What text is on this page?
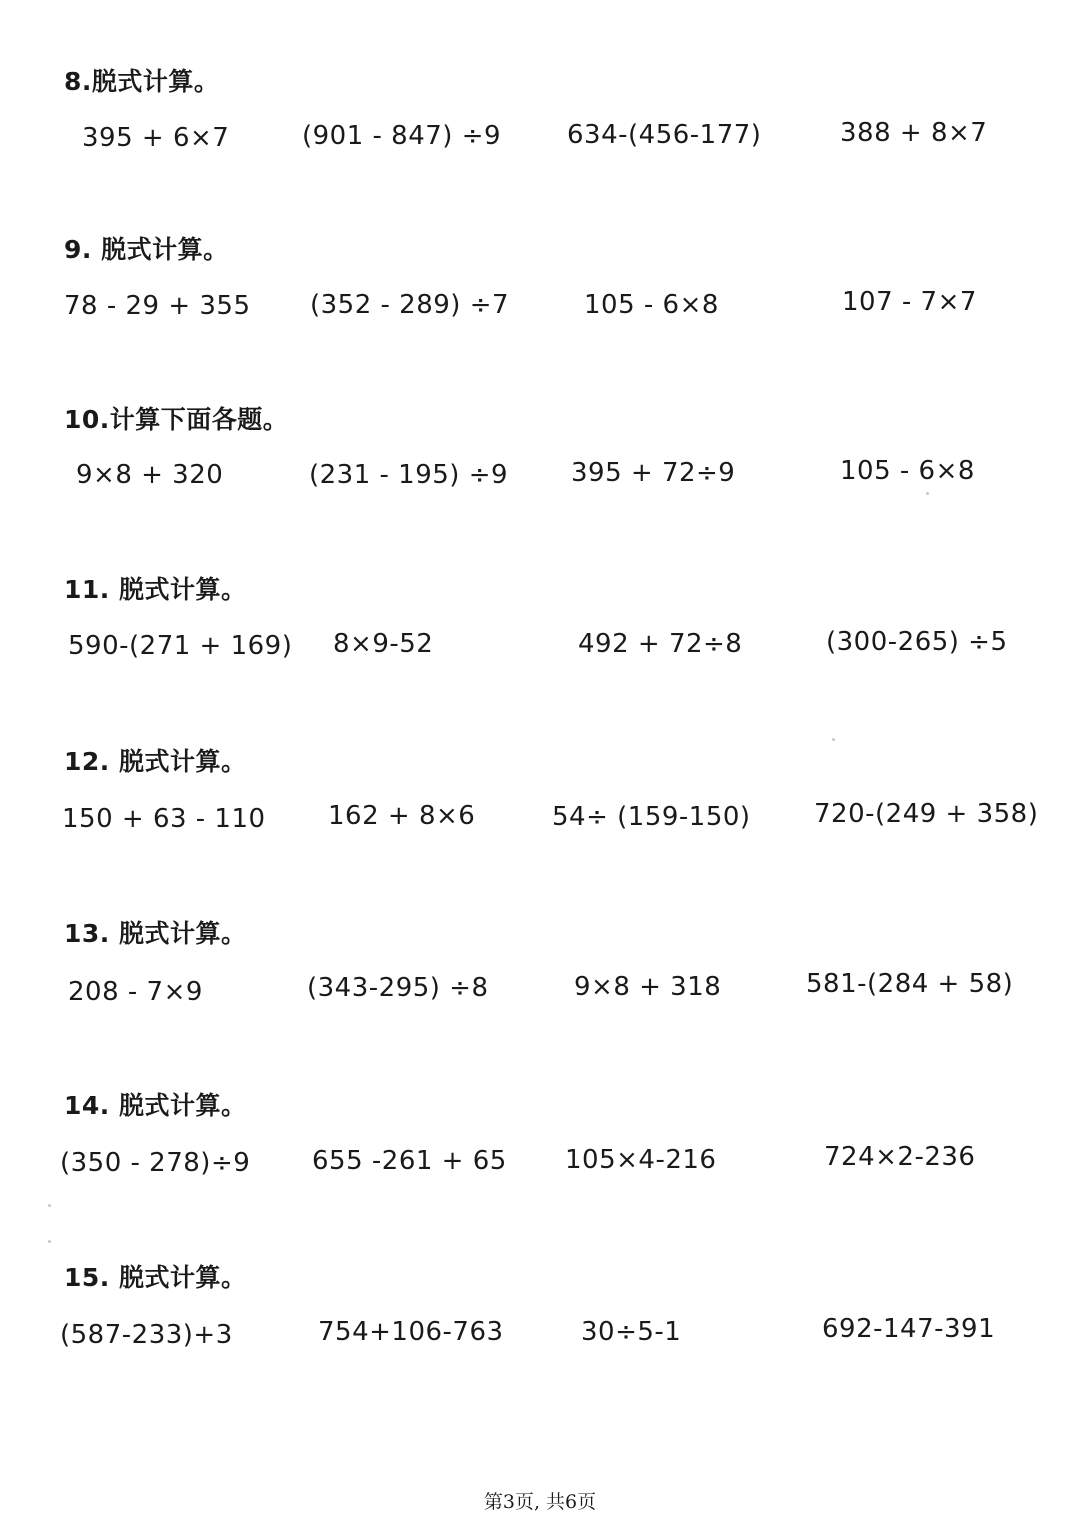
8.脱式计算。
395 + 6×7	(901 - 847) ÷9	634-(456-177)	388 + 8×7
9. 脱式计算。
78 - 29 + 355 (352 - 289) ÷7	105 - 6×8	107 - 7×7
10.计算下面各题。
9×8 + 320	(231 - 195) ÷9 395 + 72÷9	105 - 6×8
11. 脱式计算。
590-(271 + 169) 8×9-52	492 + 72÷8	(300-265) ÷5
12. 脱式计算。
150 + 63 - 110 162 + 8×6	54÷ (159-150) 720-(249 + 358)
13. 脱式计算。
208 - 7×9	(343-295) ÷8	9×8 + 318	581-(284 + 58)
14. 脱式计算。
(350 - 278)÷9 655 -261 + 65 105×4-216	724×2-236
15. 脱式计算。
(587-233)+3	754+106-763	30÷5-1	692-147-391
第3页, 共6页
